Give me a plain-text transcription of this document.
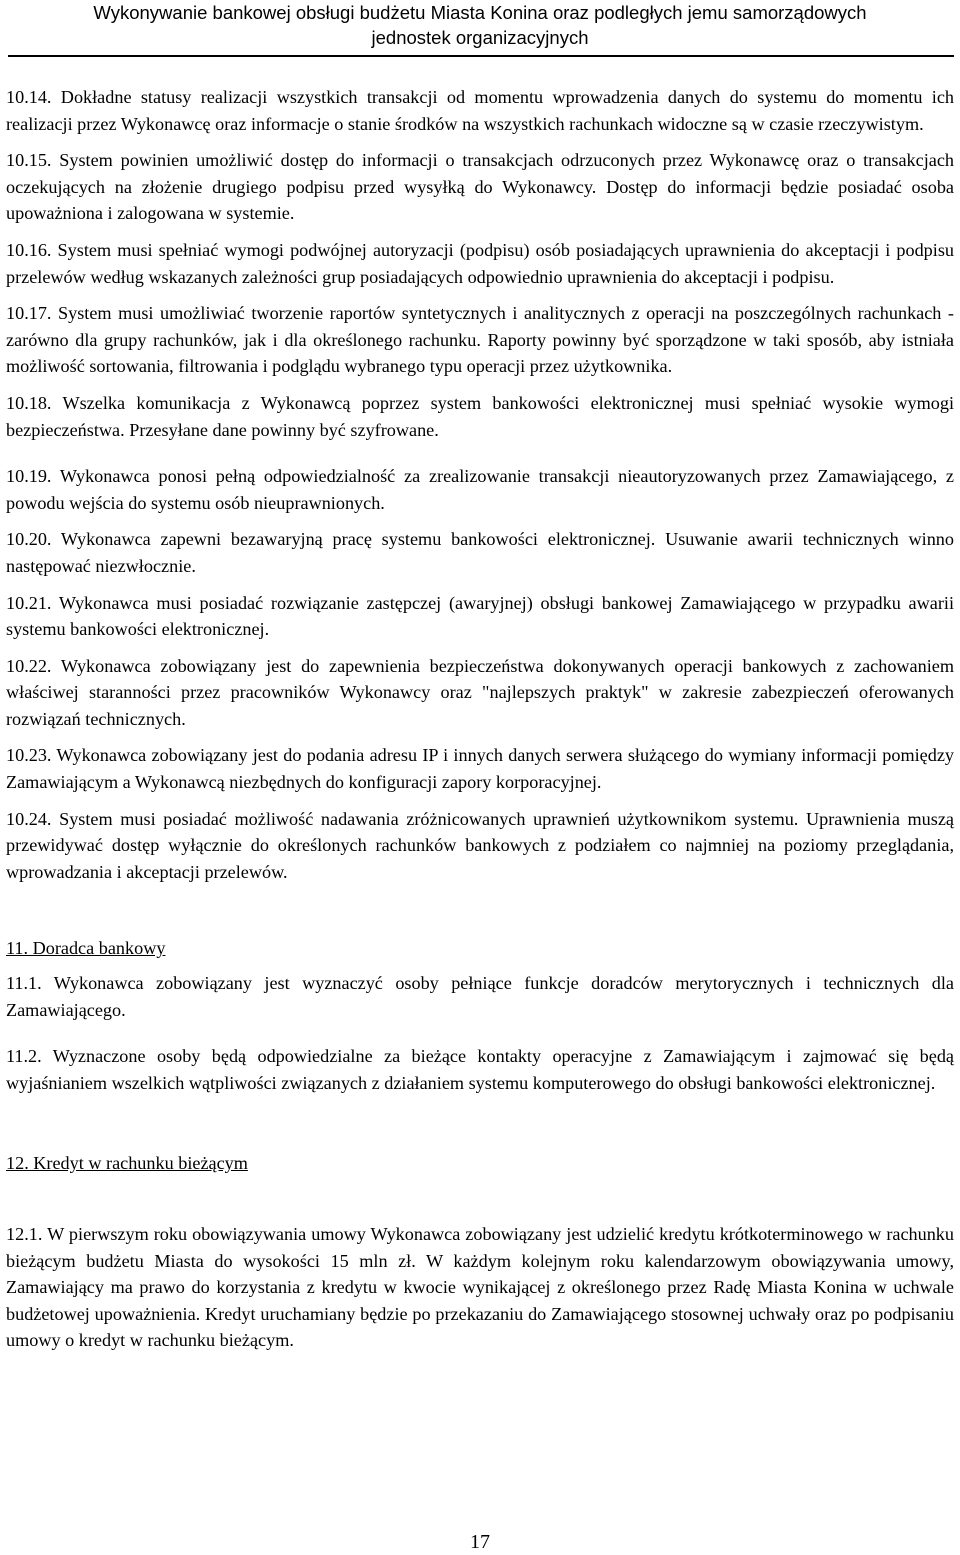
Wykonywanie bankowej obsługi budżetu Miasta Konina oraz podległych jemu samorządowych
jednostek organizacyjnych

10.14. Dokładne statusy realizacji wszystkich transakcji od momentu wprowadzenia danych do systemu do momentu ich realizacji przez Wykonawcę oraz informacje o stanie środków na wszystkich rachunkach widoczne są w czasie rzeczywistym.

10.15. System powinien umożliwić dostęp do informacji o transakcjach odrzuconych przez Wykonawcę oraz o transakcjach oczekujących na złożenie drugiego podpisu przed wysyłką do Wykonawcy. Dostęp do informacji będzie posiadać osoba upoważniona i zalogowana w systemie.

10.16. System musi spełniać wymogi podwójnej autoryzacji (podpisu) osób posiadających uprawnienia do akceptacji i podpisu przelewów według wskazanych zależności grup posiadających odpowiednio uprawnienia do akceptacji i podpisu.

10.17. System musi umożliwiać tworzenie raportów syntetycznych i analitycznych z operacji na poszczególnych rachunkach - zarówno dla grupy rachunków, jak i dla określonego rachunku. Raporty powinny być sporządzone w taki sposób, aby istniała możliwość sortowania, filtrowania i podglądu wybranego typu operacji przez użytkownika.

10.18. Wszelka komunikacja z Wykonawcą poprzez system bankowości elektronicznej musi spełniać wysokie wymogi bezpieczeństwa. Przesyłane dane powinny być szyfrowane.

10.19. Wykonawca ponosi pełną odpowiedzialność za zrealizowanie transakcji nieautoryzowanych przez Zamawiającego, z powodu wejścia do systemu osób nieuprawnionych.

10.20. Wykonawca zapewni bezawaryjną pracę systemu bankowości elektronicznej. Usuwanie awarii technicznych winno następować niezwłocznie.

10.21. Wykonawca musi posiadać rozwiązanie zastępczej (awaryjnej) obsługi bankowej Zamawiającego w przypadku awarii systemu bankowości elektronicznej.

10.22. Wykonawca zobowiązany jest do zapewnienia bezpieczeństwa dokonywanych operacji bankowych z zachowaniem właściwej staranności przez pracowników Wykonawcy oraz "najlepszych praktyk" w zakresie zabezpieczeń oferowanych rozwiązań technicznych.

10.23. Wykonawca zobowiązany jest do podania adresu IP i innych danych serwera służącego do wymiany informacji pomiędzy Zamawiającym a Wykonawcą niezbędnych do konfiguracji zapory korporacyjnej.

10.24. System musi posiadać możliwość nadawania zróżnicowanych uprawnień użytkownikom systemu. Uprawnienia muszą przewidywać dostęp wyłącznie do określonych rachunków bankowych z podziałem co najmniej na poziomy przeglądania, wprowadzania i akceptacji przelewów.

11. Doradca bankowy

11.1. Wykonawca zobowiązany jest wyznaczyć osoby pełniące funkcje doradców merytorycznych i technicznych dla Zamawiającego.

11.2. Wyznaczone osoby będą odpowiedzialne za bieżące kontakty operacyjne z Zamawiającym i zajmować się będą wyjaśnianiem wszelkich wątpliwości związanych z działaniem systemu komputerowego do obsługi bankowości elektronicznej.

12. Kredyt w rachunku bieżącym

12.1. W pierwszym roku obowiązywania umowy Wykonawca zobowiązany jest udzielić kredytu krótkoterminowego w rachunku bieżącym budżetu Miasta do wysokości 15 mln zł. W każdym kolejnym roku kalendarzowym obowiązywania umowy, Zamawiający ma prawo do korzystania z kredytu w kwocie wynikającej z określonego przez Radę Miasta Konina w uchwale budżetowej upoważnienia. Kredyt uruchamiany będzie po przekazaniu do Zamawiającego stosownej uchwały oraz po podpisaniu umowy o kredyt w rachunku bieżącym.

17
